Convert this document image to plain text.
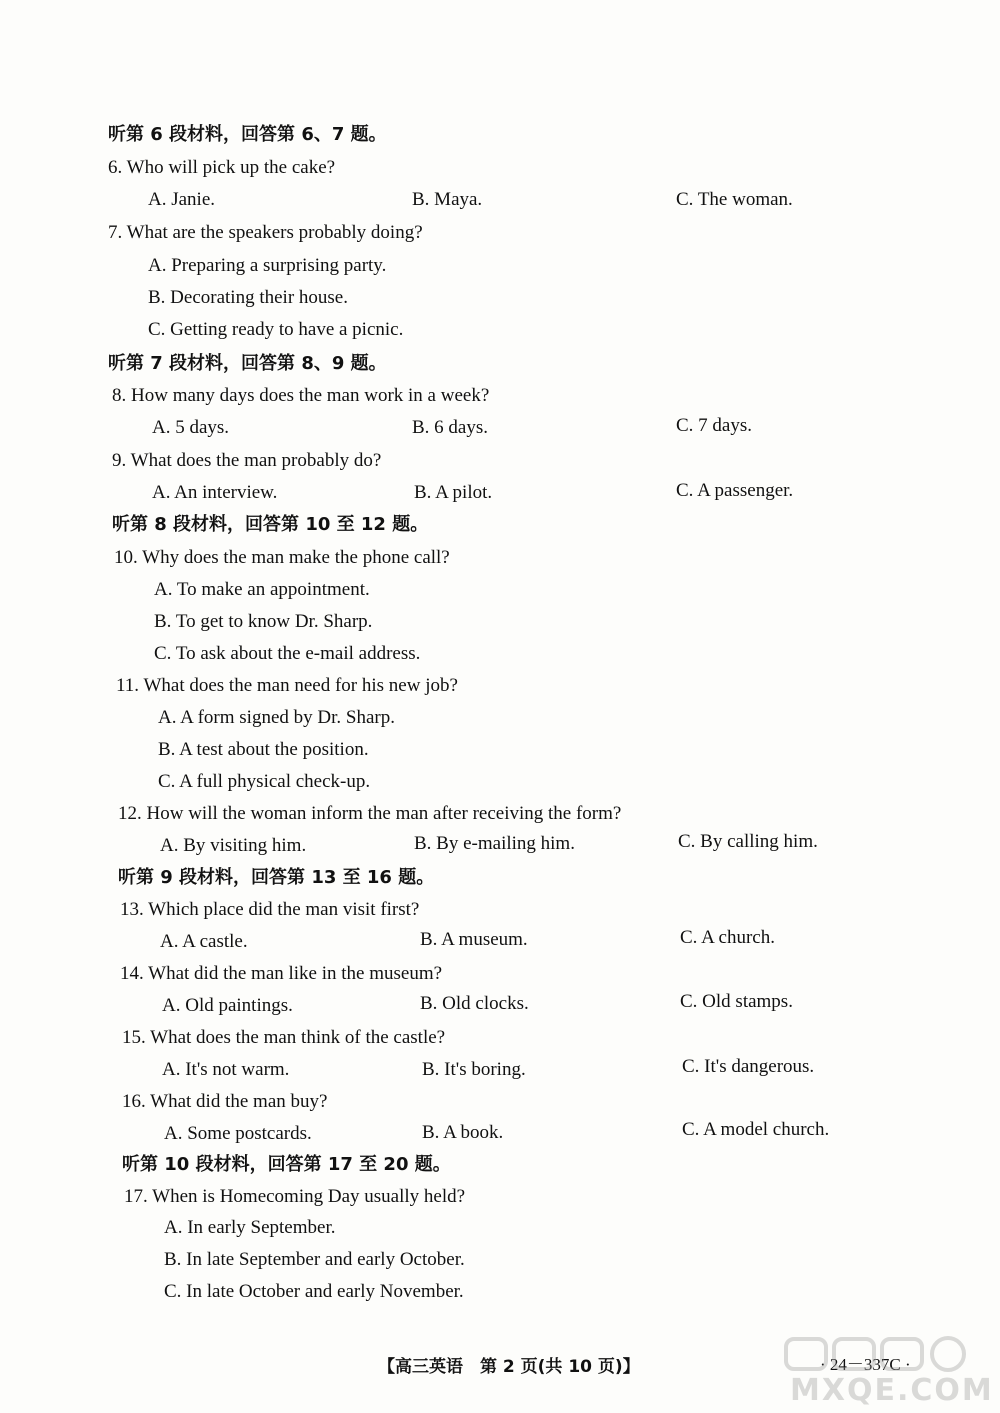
听第 6 段材料，回答第 6、7 题。
6. Who will pick up the cake?
A. Janie.	B. Maya.	C. The woman.
7. What are the speakers probably doing?
A. Preparing a surprising party.
B. Decorating their house.
C. Getting ready to have a picnic.
听第 7 段材料，回答第 8、9 题。
8. How many days does the man work in a week?
A. 5 days.	B. 6 days.	C. 7 days.
9. What does the man probably do?
A. An interview.	B. A pilot.	C. A passenger.
听第 8 段材料，回答第 10 至 12 题。
10. Why does the man make the phone call?
A. To make an appointment.
B. To get to know Dr. Sharp.
C. To ask about the e-mail address.
11. What does the man need for his new job?
A. A form signed by Dr. Sharp.
B. A test about the position.
C. A full physical check-up.
12. How will the woman inform the man after receiving the form?
A. By visiting him.	B. By e-mailing him.	C. By calling him.
听第 9 段材料，回答第 13 至 16 题。
13. Which place did the man visit first?
A. A castle.	B. A museum.	C. A church.
14. What did the man like in the museum?
A. Old paintings.	B. Old clocks.	C. Old stamps.
15. What does the man think of the castle?
A. It's not warm.	B. It's boring.	C. It's dangerous.
16. What did the man buy?
A. Some postcards.	B. A book.	C. A model church.
听第 10 段材料，回答第 17 至 20 题。
17. When is Homecoming Day usually held?
A. In early September.
B. In late September and early October.
C. In late October and early November.
【高三英语　第 2 页(共 10 页)】	· 24－337C ·
MXQE.COM
